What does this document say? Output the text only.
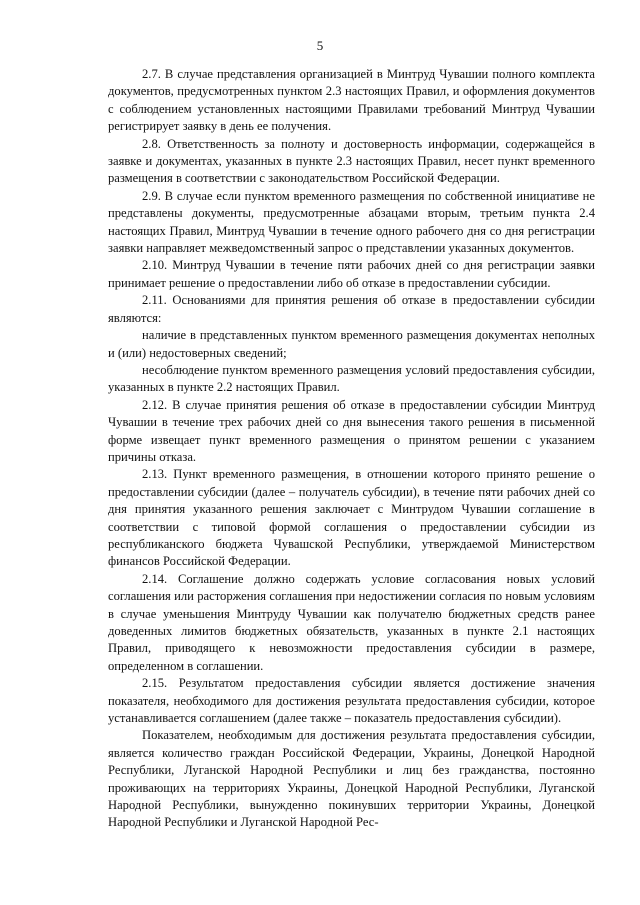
5

2.7. В случае представления организацией в Минтруд Чувашии полного комплекта документов, предусмотренных пунктом 2.3 настоящих Правил, и оформления документов с соблюдением установленных настоящими Правилами требований Минтруд Чувашии регистрирует заявку в день ее получения.

2.8. Ответственность за полноту и достоверность информации, содержащейся в заявке и документах, указанных в пункте 2.3 настоящих Правил, несет пункт временного размещения в соответствии с законодательством Российской Федерации.

2.9. В случае если пунктом временного размещения по собственной инициативе не представлены документы, предусмотренные абзацами вторым, третьим пункта 2.4 настоящих Правил, Минтруд Чувашии в течение одного рабочего дня со дня регистрации заявки направляет межведомственный запрос о представлении указанных документов.

2.10. Минтруд Чувашии в течение пяти рабочих дней со дня регистрации заявки принимает решение о предоставлении либо об отказе в предоставлении субсидии.

2.11. Основаниями для принятия решения об отказе в предоставлении субсидии являются:

наличие в представленных пунктом временного размещения документах неполных и (или) недостоверных сведений;

несоблюдение пунктом временного размещения условий предоставления субсидии, указанных в пункте 2.2 настоящих Правил.

2.12. В случае принятия решения об отказе в предоставлении субсидии Минтруд Чувашии в течение трех рабочих дней со дня вынесения такого решения в письменной форме извещает пункт временного размещения о принятом решении с указанием причины отказа.

2.13. Пункт временного размещения, в отношении которого принято решение о предоставлении субсидии (далее – получатель субсидии), в течение пяти рабочих дней со дня принятия указанного решения заключает с Минтрудом Чувашии соглашение в соответствии с типовой формой соглашения о предоставлении субсидии из республиканского бюджета Чувашской Республики, утверждаемой Министерством финансов Российской Федерации.

2.14. Соглашение должно содержать условие согласования новых условий соглашения или расторжения соглашения при недостижении согласия по новым условиям в случае уменьшения Минтруду Чувашии как получателю бюджетных средств ранее доведенных лимитов бюджетных обязательств, указанных в пункте 2.1 настоящих Правил, приводящего к невозможности предоставления субсидии в размере, определенном в соглашении.

2.15. Результатом предоставления субсидии является достижение значения показателя, необходимого для достижения результата предоставления субсидии, которое устанавливается соглашением (далее также – показатель предоставления субсидии).

Показателем, необходимым для достижения результата предоставления субсидии, является количество граждан Российской Федерации, Украины, Донецкой Народной Республики, Луганской Народной Республики и лиц без гражданства, постоянно проживающих на территориях Украины, Донецкой Народной Республики, Луганской Народной Республики, вынужденно покинувших территории Украины, Донецкой Народной Республики и Луганской Народной Рес-
